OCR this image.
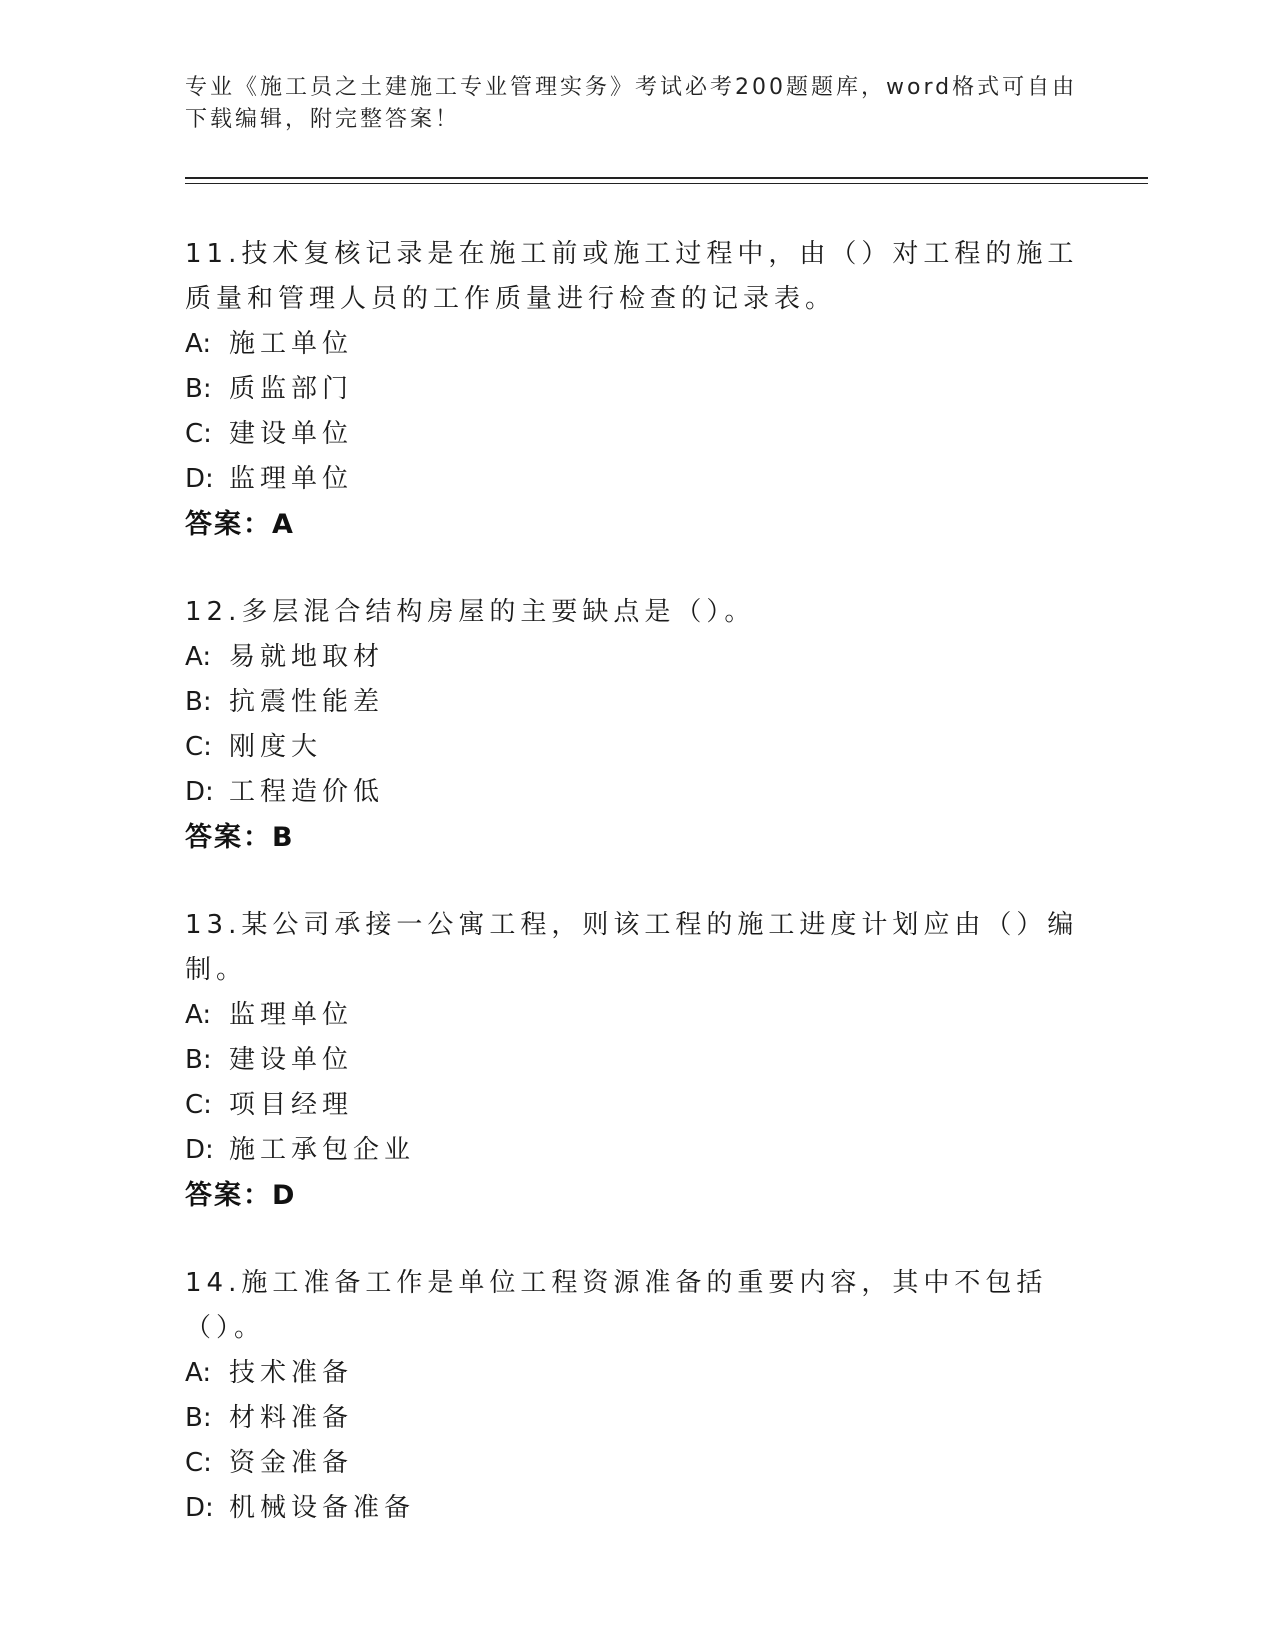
专业《施工员之土建施工专业管理实务》考试必考200题题库，word格式可自由下载编辑，附完整答案！

11.技术复核记录是在施工前或施工过程中，由（）对工程的施工质量和管理人员的工作质量进行检查的记录表。

A: 施工单位

B: 质监部门

C: 建设单位

D: 监理单位

答案：A

12.多层混合结构房屋的主要缺点是（）。

A: 易就地取材

B: 抗震性能差

C: 刚度大

D: 工程造价低

答案：B

13.某公司承接一公寓工程，则该工程的施工进度计划应由（）编制。

A: 监理单位

B: 建设单位

C: 项目经理

D: 施工承包企业

答案：D

14.施工准备工作是单位工程资源准备的重要内容，其中不包括（）。

A: 技术准备

B: 材料准备

C: 资金准备

D: 机械设备准备
